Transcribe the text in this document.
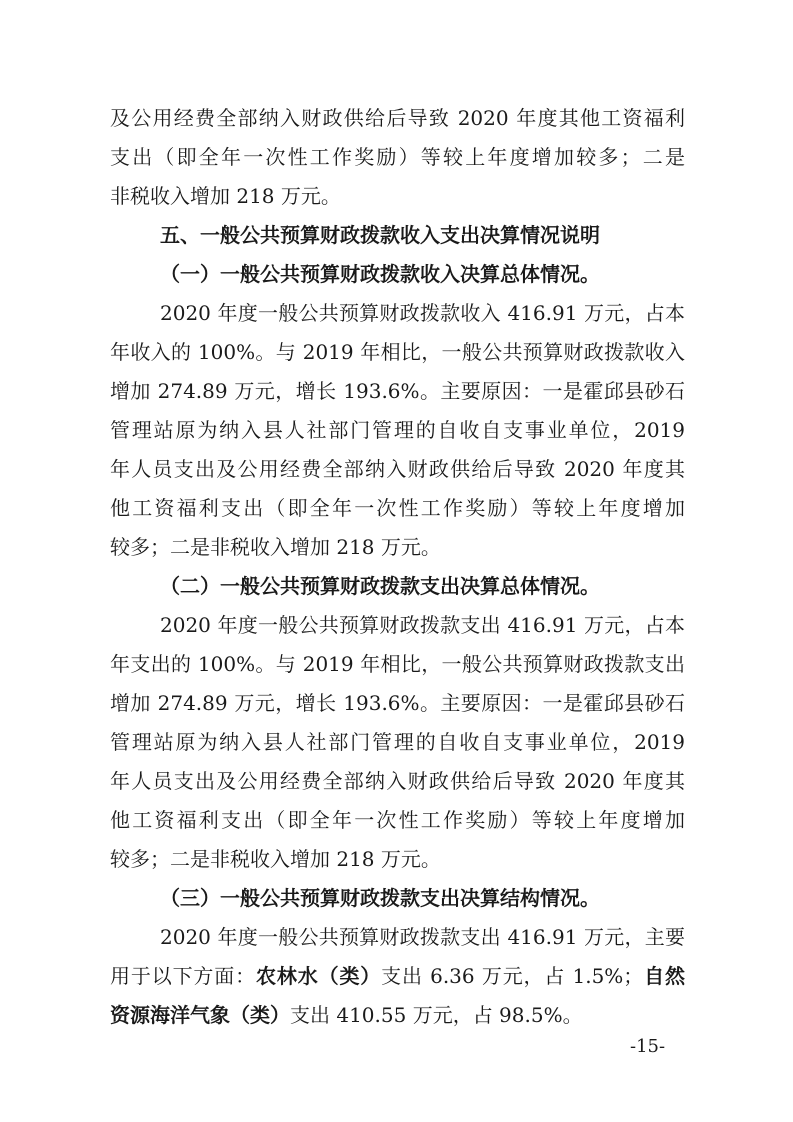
及公用经费全部纳入财政供给后导致 2020 年度其他工资福利
支出（即全年一次性工作奖励）等较上年度增加较多；二是
非税收入增加 218 万元。
五、一般公共预算财政拨款收入支出决算情况说明
（一）一般公共预算财政拨款收入决算总体情况。
2020 年度一般公共预算财政拨款收入 416.91 万元，占本
年收入的 100%。与 2019 年相比，一般公共预算财政拨款收入
增加 274.89 万元，增长 193.6%。主要原因：一是霍邱县砂石
管理站原为纳入县人社部门管理的自收自支事业单位，2019
年人员支出及公用经费全部纳入财政供给后导致 2020 年度其
他工资福利支出（即全年一次性工作奖励）等较上年度增加
较多；二是非税收入增加 218 万元。
（二）一般公共预算财政拨款支出决算总体情况。
2020 年度一般公共预算财政拨款支出 416.91 万元，占本
年支出的 100%。与 2019 年相比，一般公共预算财政拨款支出
增加 274.89 万元，增长 193.6%。主要原因：一是霍邱县砂石
管理站原为纳入县人社部门管理的自收自支事业单位，2019
年人员支出及公用经费全部纳入财政供给后导致 2020 年度其
他工资福利支出（即全年一次性工作奖励）等较上年度增加
较多；二是非税收入增加 218 万元。
（三）一般公共预算财政拨款支出决算结构情况。
2020 年度一般公共预算财政拨款支出 416.91 万元，主要
用于以下方面：农林水（类）支出 6.36 万元，占 1.5%；自然
资源海洋气象（类）支出 410.55 万元，占 98.5%。
-15-
